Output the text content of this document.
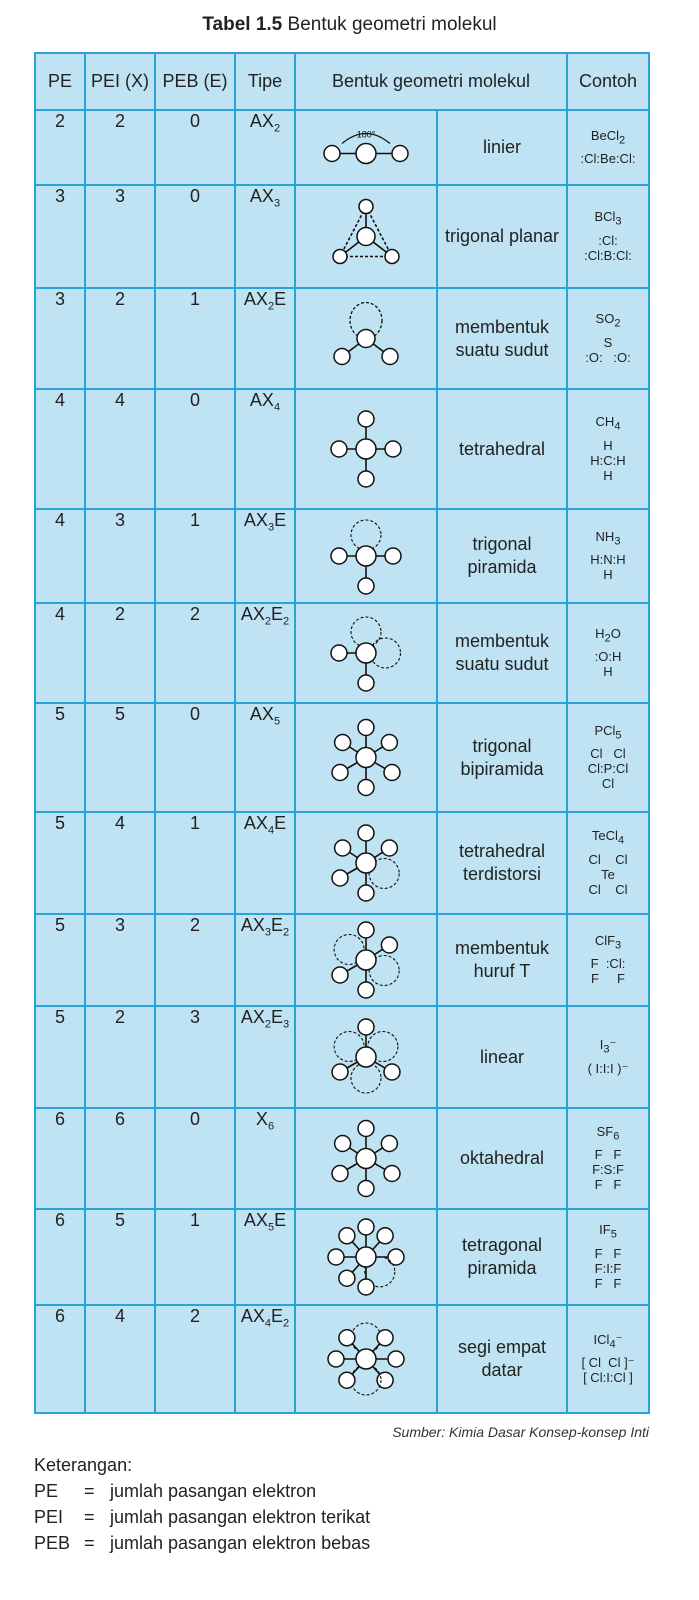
Tabel 1.5 Bentuk geometri molekul
PE	PEI (X)	PEB (E)	Tipe	Bentuk geometri molekul		Contoh
2	2	0	$AX_2$	180°	linier	BeCl$_2$
:Cl:Be:Cl:

3	3	0	$AX_3$		trigonal planar	BCl$_3$
:Cl:
:Cl:B:Cl:

3	2	1	$AX_2E$		membentuk suatu sudut	$SO_2$
S
:O:   :O:

4	4	0	$AX_4$		tetrahedral	$CH_4$
H
H:C:H
H

4	3	1	$AX_3E$		trigonal piramida	$NH_3$
H:N:H
H

4	2	2	$AX_2E_2$		membentuk suatu sudut	$H_2O$
:O:H
H

5	5	0	$AX_5$		trigonal bipiramida	PCl$_5$
Cl   Cl
Cl:P:Cl
Cl

5	4	1	$AX_4E$		tetrahedral terdistorsi	TeCl$_4$
Cl    Cl
Te
Cl    Cl

5	3	2	$AX_3E_2$		membentuk huruf T	ClF$_3$
F  :Cl:
F     F

5	2	3	$AX_2E_3$		linear	$I_3^-$
( I:I:I )⁻

6	6	0	$X_6$		oktahedral	$SF_6$
F   F
F:S:F
F   F

6	5	1	$AX_5E$		tetragonal piramida	$IF_5$
F   F
F:I:F
F   F

6	4	2	$AX_4E_2$		segi empat datar	ICl$_4$⁻
[ Cl  Cl ]⁻
[ Cl:I:Cl ]
Sumber: Kimia Dasar Konsep-konsep Inti
Keterangan:
PE = jumlah pasangan elektron
PEI = jumlah pasangan elektron terikat
PEB = jumlah pasangan elektron bebas
